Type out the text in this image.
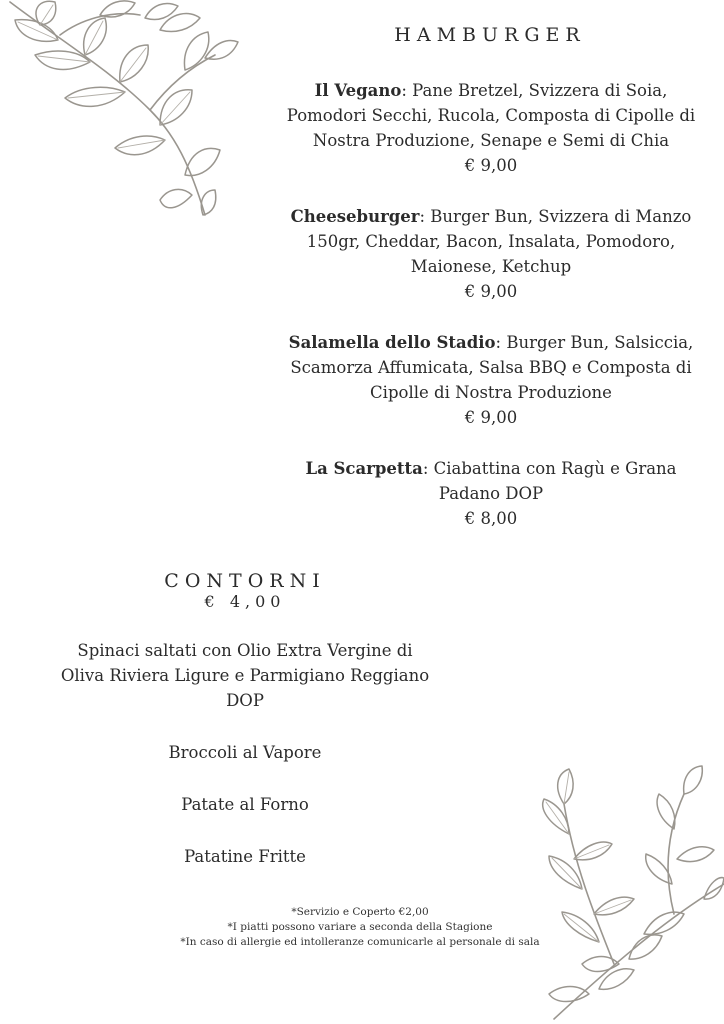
HAMBURGER
Il Vegano: Pane Bretzel, Svizzera di Soia, Pomodori Secchi, Rucola, Composta di Cipolle di Nostra Produzione, Senape e Semi di Chia
€ 9,00
Cheeseburger: Burger Bun, Svizzera di Manzo 150gr, Cheddar, Bacon, Insalata, Pomodoro, Maionese, Ketchup
€ 9,00
Salamella dello Stadio: Burger Bun, Salsiccia, Scamorza Affumicata, Salsa BBQ e Composta di Cipolle di Nostra Produzione
€ 9,00
La Scarpetta: Ciabattina con Ragù e Grana Padano DOP
€ 8,00
CONTORNI
€ 4,00

Spinaci saltati con Olio Extra Vergine di Oliva Riviera Ligure e Parmigiano Reggiano DOP

Broccoli al Vapore

Patate al Forno

Patatine Fritte

*Servizio e Coperto €2,00
*I piatti possono variare a seconda della Stagione
*In caso di allergie ed intolleranze comunicarle al personale di sala
